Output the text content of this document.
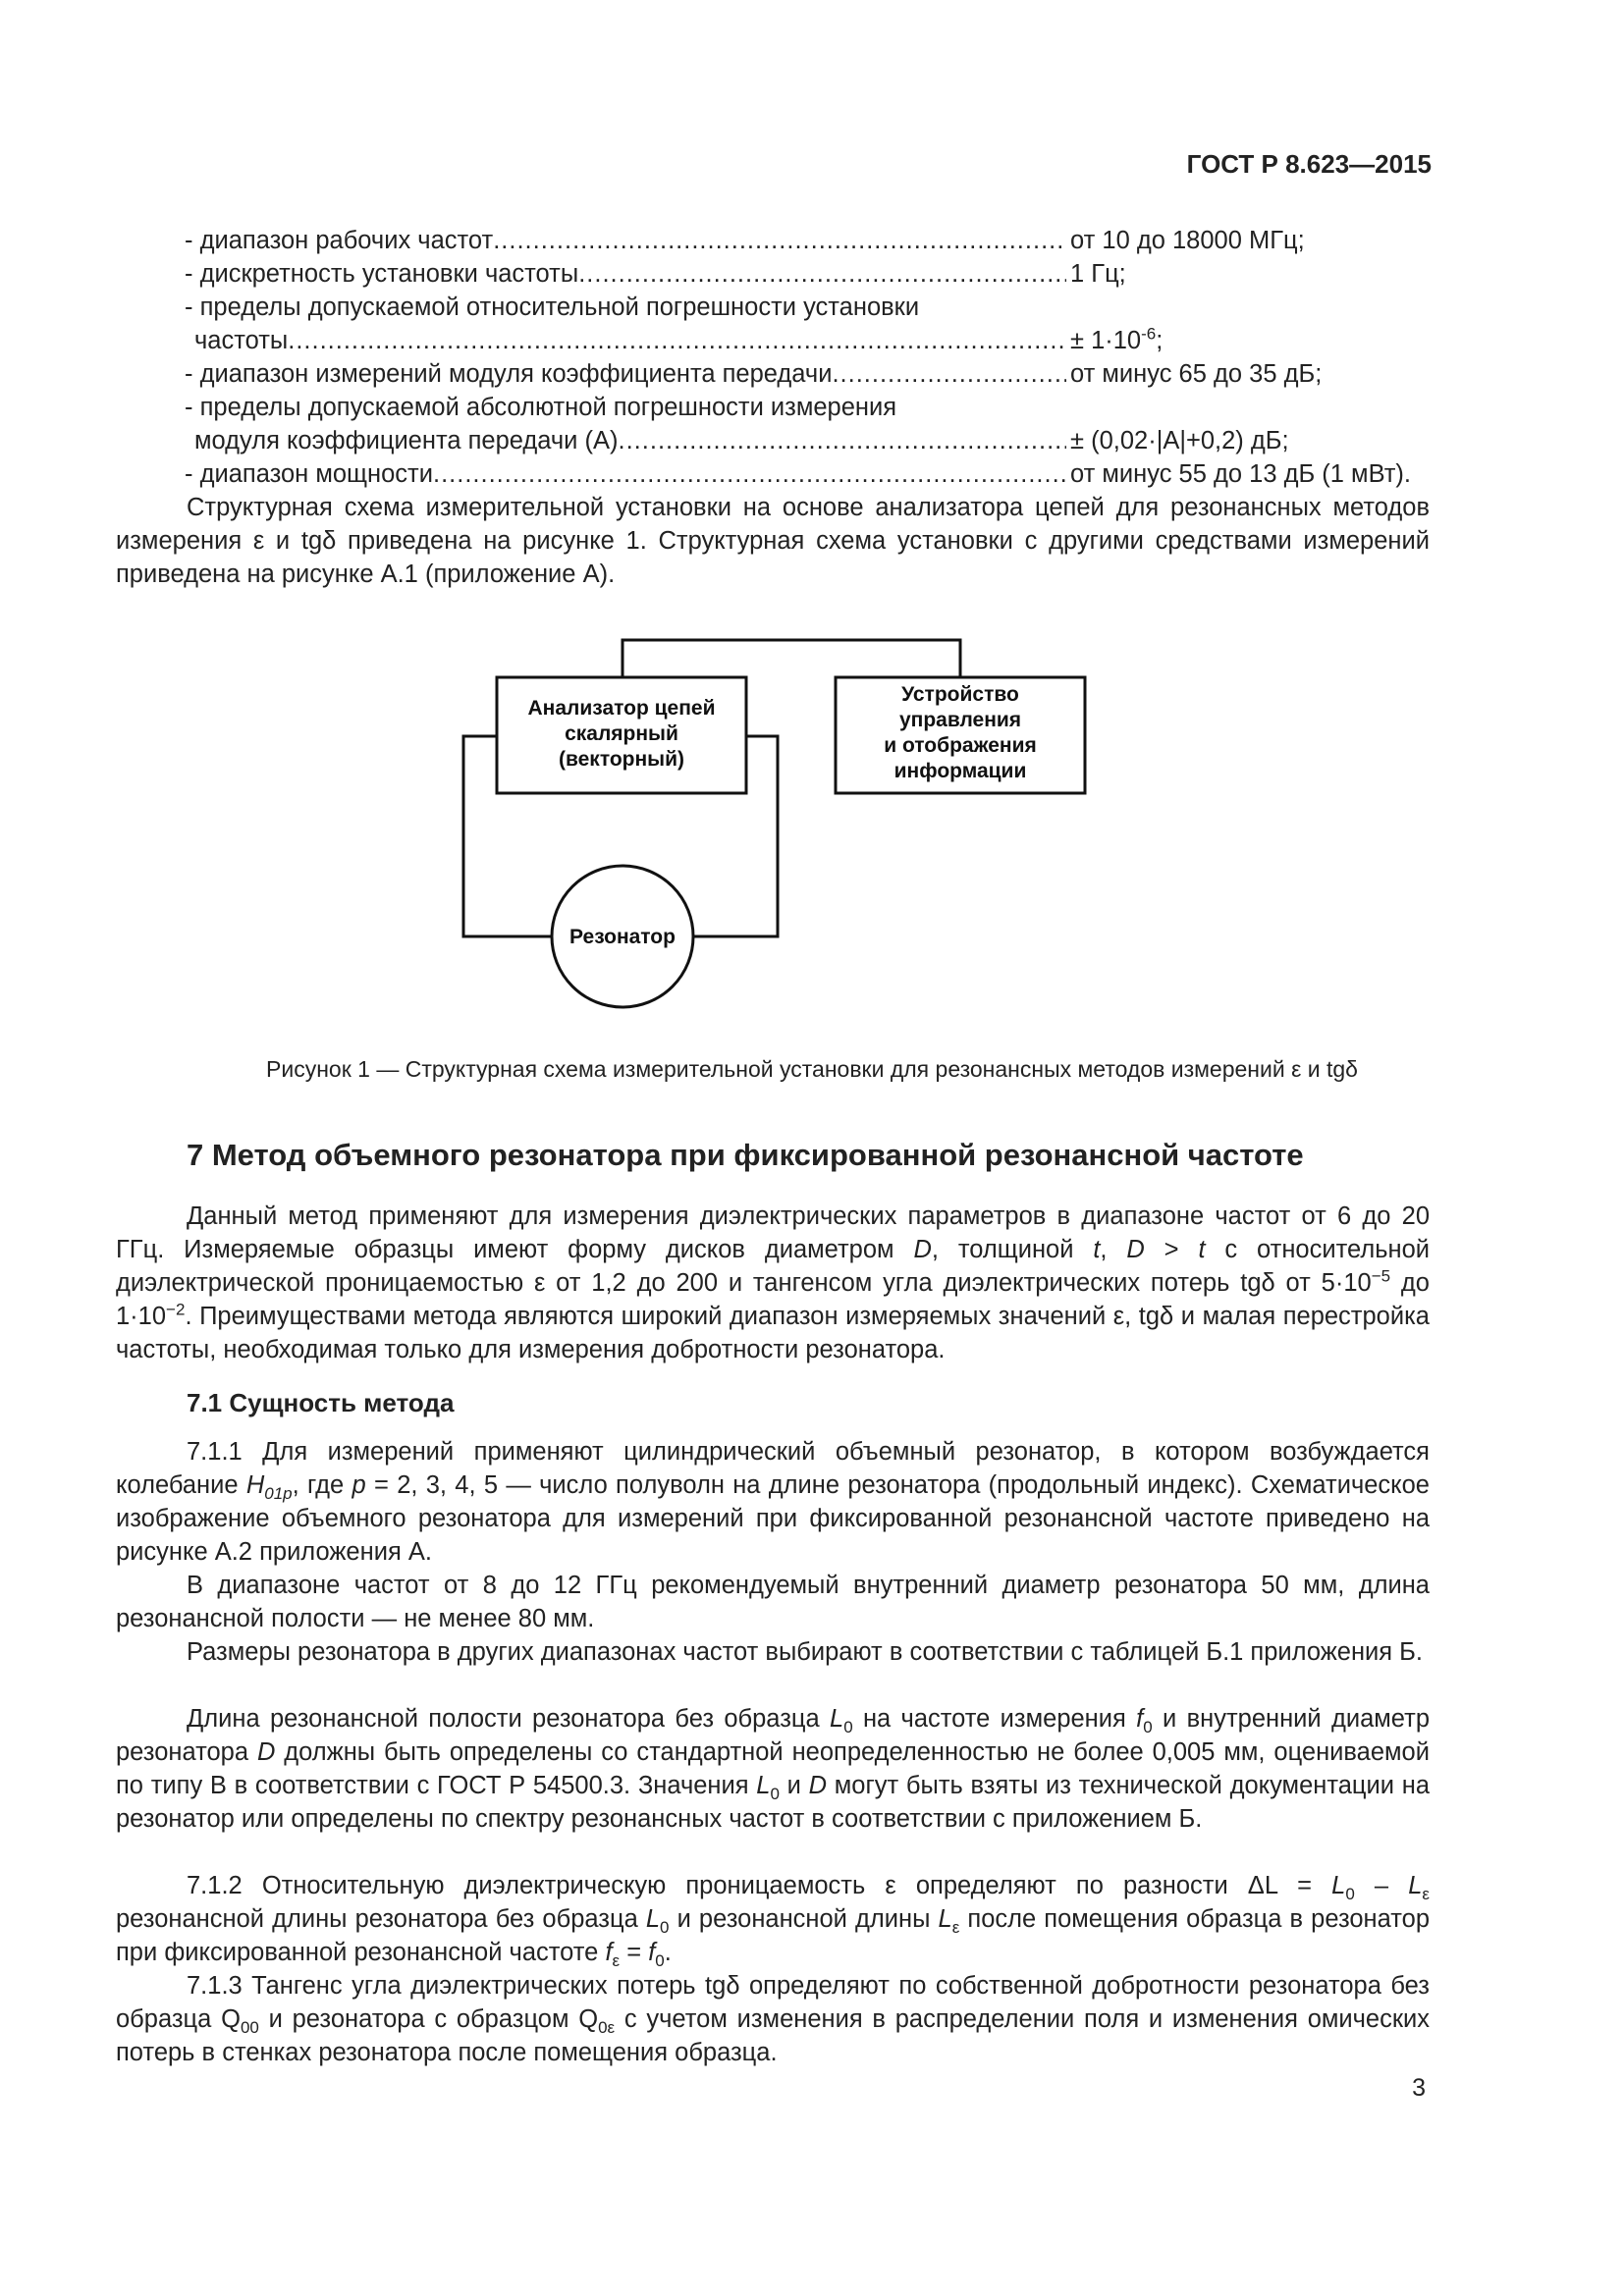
ГОСТ Р 8.623—2015
- диапазон рабочих частот .....	от 10 до 18000 МГц;
- дискретность установки частоты .....	1 Гц;
- пределы допускаемой относительной погрешности установки
частоты .....	± $1\cdot 10^{-6}$;
- диапазон измерений модуля коэффициента передачи .....	от минус 65 до 35 дБ;
- пределы допускаемой абсолютной погрешности измерения
модуля коэффициента передачи (А) .....	± (0,02·|A|+0,2) дБ;
- диапазон мощности .....	от минус 55 до 13 дБ (1 мВт).

Структурная схема измерительной установки на основе анализатора цепей для резонансных методов измерения ε и tgδ приведена на рисунке 1. Структурная схема установки с другими средствами измерений приведена на рисунке А.1 (приложение А).

Анализатор цепей
скалярный
(векторный)
Устройство
управления
и отображения
информации
Резонатор
Рисунок 1 — Структурная схема измерительной установки для резонансных методов измерений ε и tgδ
7 Метод объемного резонатора при фиксированной резонансной частоте

Данный метод применяют для измерения диэлектрических параметров в диапазоне частот от 6 до 20 ГГц. Измеряемые образцы имеют форму дисков диаметром D, толщиной t, D > t с относительной диэлектрической проницаемостью ε от 1,2 до 200 и тангенсом угла диэлектрических потерь tgδ от $5\cdot 10^{-5}$ до $1\cdot 10^{-2}$. Преимуществами метода являются широкий диапазон измеряемых значений ε, tgδ и малая перестройка частоты, необходимая только для измерения добротности резонатора.

7.1 Сущность метода

7.1.1 Для измерений применяют цилиндрический объемный резонатор, в котором возбуждается колебание $H_{01p}$, где p = 2, 3, 4, 5 — число полуволн на длине резонатора (продольный индекс). Схематическое изображение объемного резонатора для измерений при фиксированной резонансной частоте приведено на рисунке А.2 приложения А.

В диапазоне частот от 8 до 12 ГГц рекомендуемый внутренний диаметр резонатора 50 мм, длина резонансной полости — не менее 80 мм.

Размеры резонатора в других диапазонах частот выбирают в соответствии с таблицей Б.1 приложения Б.

Длина резонансной полости резонатора без образца $L_0$ на частоте измерения $f_0$ и внутренний диаметр резонатора D должны быть определены со стандартной неопределенностью не более 0,005 мм, оцениваемой по типу В в соответствии с ГОСТ Р 54500.3. Значения $L_0$ и D могут быть взяты из технической документации на резонатор или определены по спектру резонансных частот в соответствии с приложением Б.

7.1.2 Относительную диэлектрическую проницаемость ε определяют по разности $\Delta L = L_0 - L_\varepsilon$ резонансной длины резонатора без образца $L_0$ и резонансной длины $L_\varepsilon$ после помещения образца в резонатор при фиксированной резонансной частоте $f_\varepsilon = f_0$.

7.1.3 Тангенс угла диэлектрических потерь tgδ определяют по собственной добротности резонатора без образца $Q_{00}$ и резонатора с образцом $Q_{0\varepsilon}$ с учетом изменения в распределении поля и изменения омических потерь в стенках резонатора после помещения образца.

3
